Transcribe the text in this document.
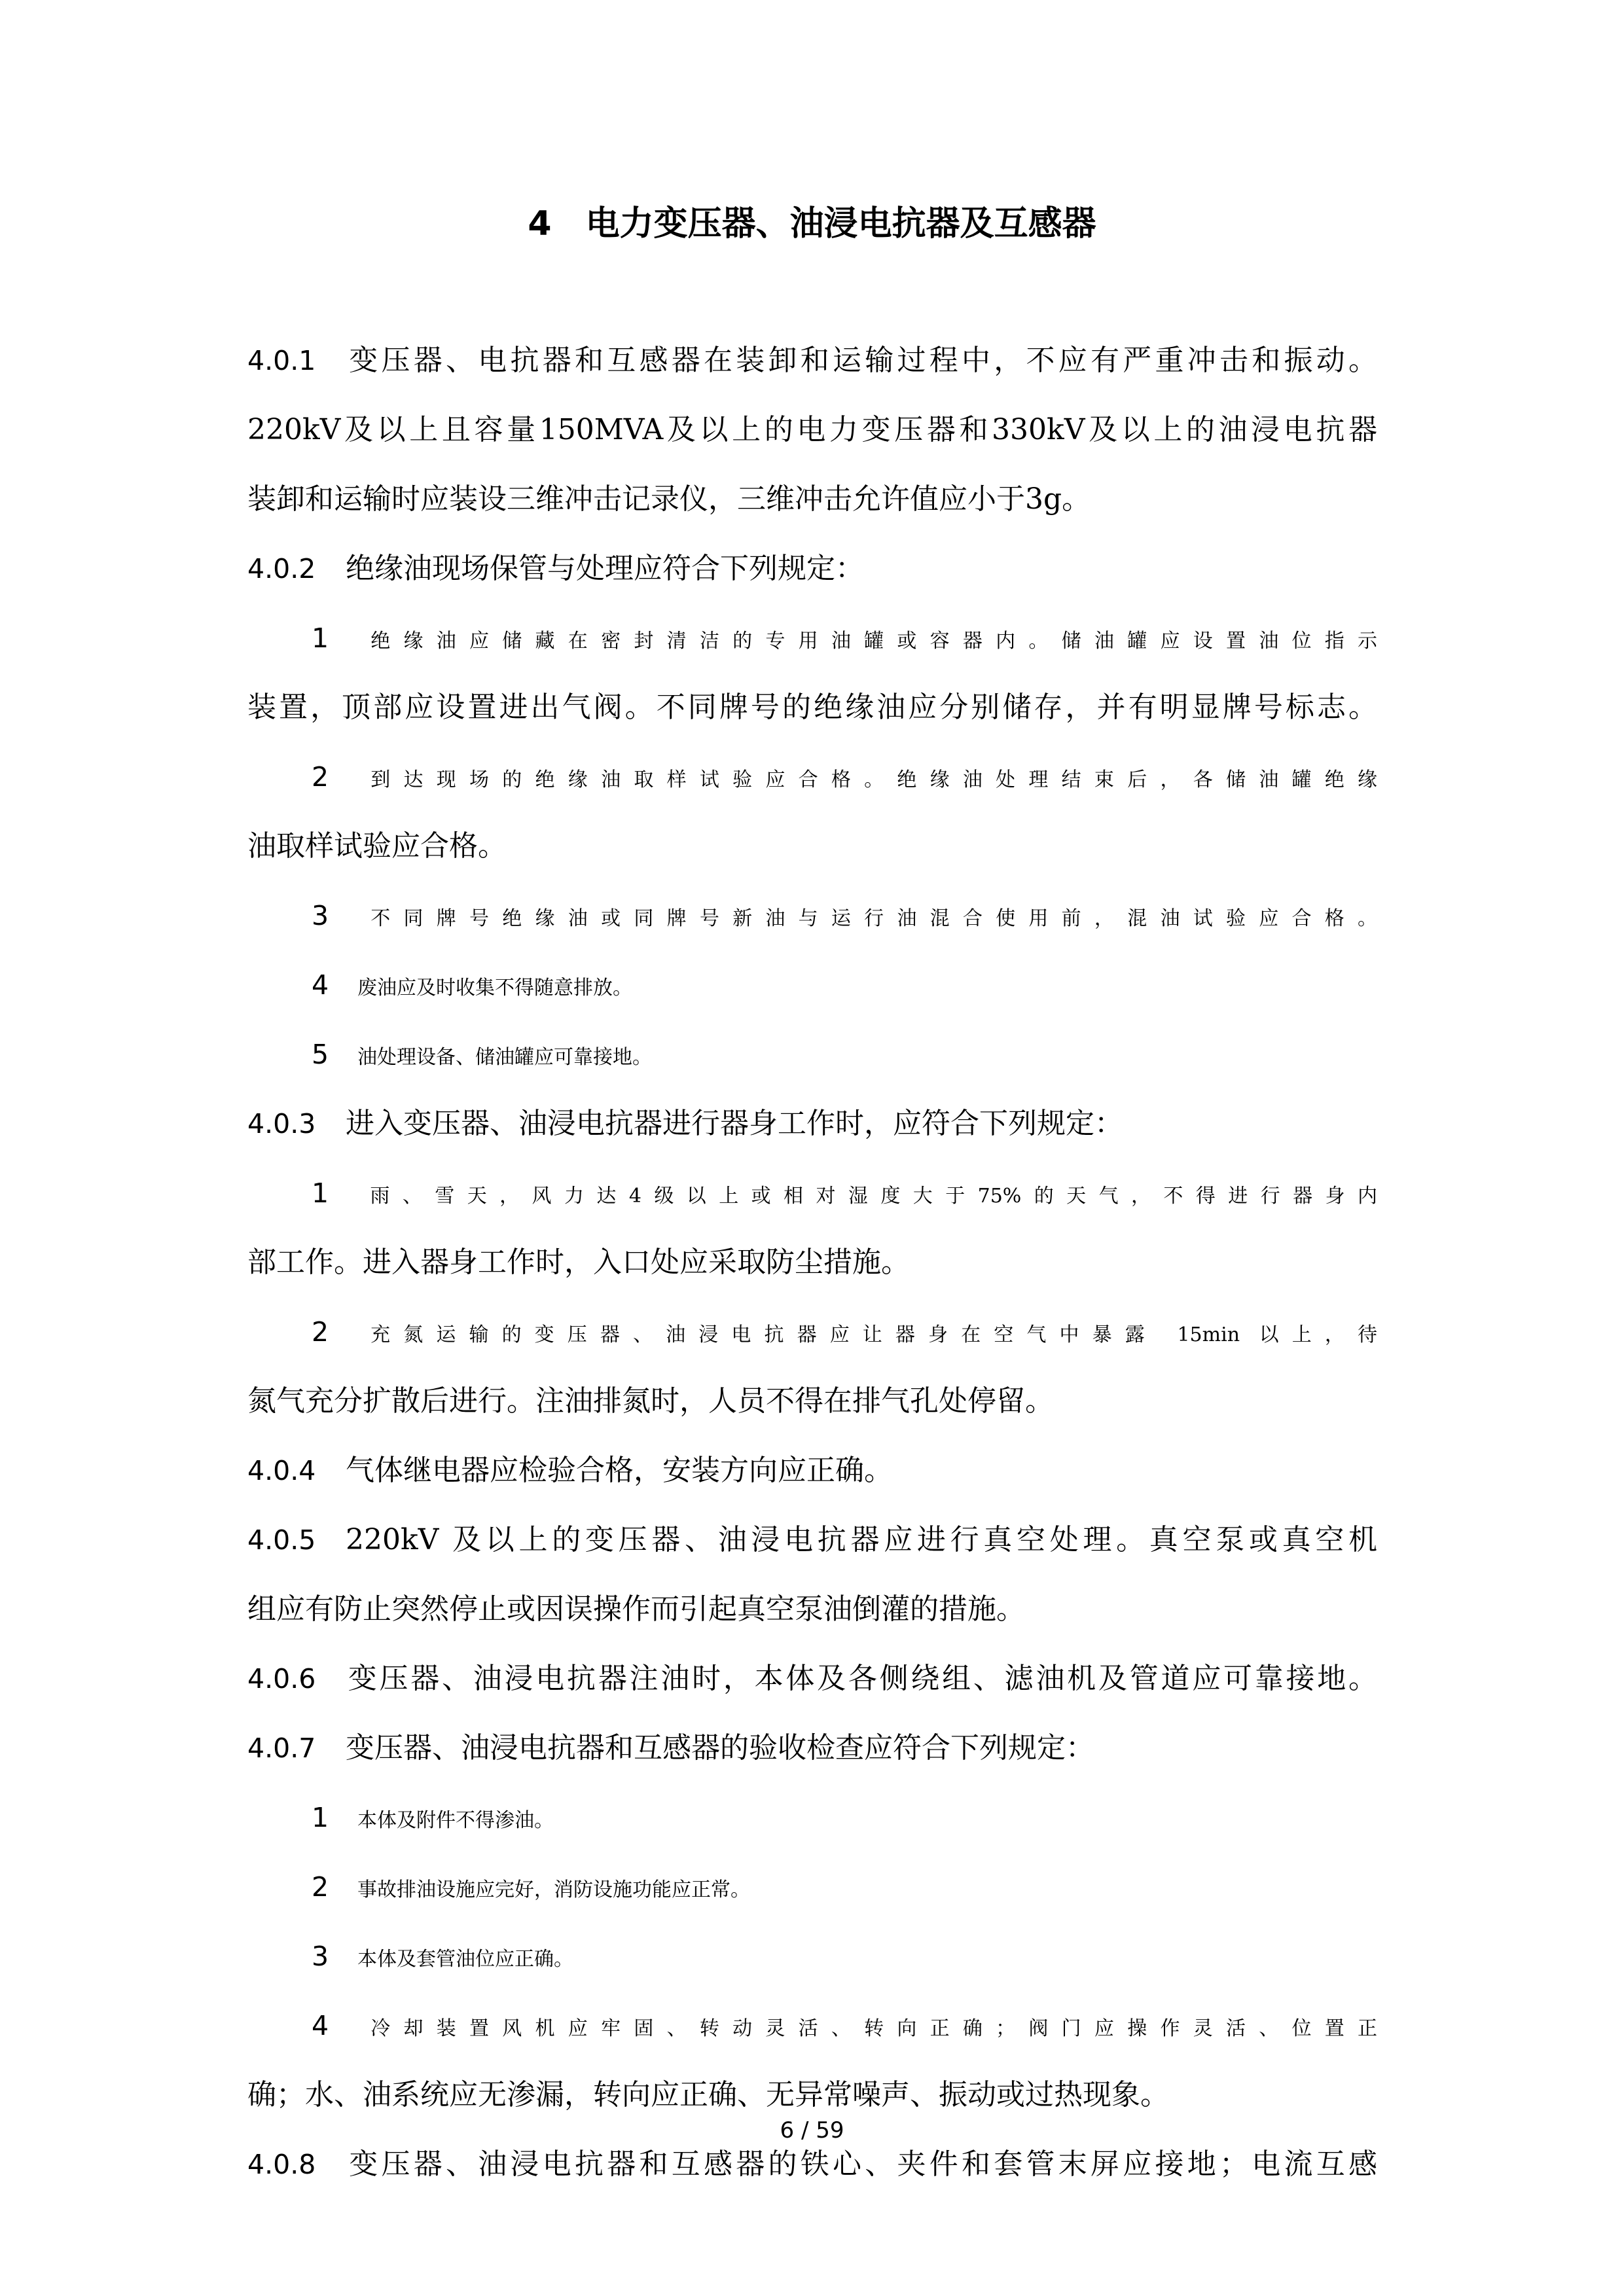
4 电力变压器、油浸电抗器及互感器
4.0.1 变压器、电抗器和互感器在装卸和运输过程中，不应有严重冲击和振动。
220kV及以上且容量150MVA及以上的电力变压器和330kV及以上的油浸电抗器
装卸和运输时应装设三维冲击记录仪，三维冲击允许值应小于3g。
4.0.2 绝缘油现场保管与处理应符合下列规定：
1 绝缘油应储藏在密封清洁的专用油罐或容器内。储油罐应设置油位指示
装置，顶部应设置进出气阀。不同牌号的绝缘油应分别储存，并有明显牌号标志。
2 到达现场的绝缘油取样试验应合格。绝缘油处理结束后，各储油罐绝缘
油取样试验应合格。
3 不同牌号绝缘油或同牌号新油与运行油混合使用前，混油试验应合格。
4 废油应及时收集不得随意排放。
5 油处理设备、储油罐应可靠接地。
4.0.3 进入变压器、油浸电抗器进行器身工作时，应符合下列规定：
1 雨、雪天，风力达4级以上或相对湿度大于75%的天气，不得进行器身内
部工作。进入器身工作时，入口处应采取防尘措施。
2 充氮运输的变压器、油浸电抗器应让器身在空气中暴露 15min 以上，待
氮气充分扩散后进行。注油排氮时，人员不得在排气孔处停留。
4.0.4 气体继电器应检验合格，安装方向应正确。
4.0.5 220kV 及以上的变压器、油浸电抗器应进行真空处理。真空泵或真空机
组应有防止突然停止或因误操作而引起真空泵油倒灌的措施。
4.0.6 变压器、油浸电抗器注油时，本体及各侧绕组、滤油机及管道应可靠接地。
4.0.7 变压器、油浸电抗器和互感器的验收检查应符合下列规定：
1 本体及附件不得渗油。
2 事故排油设施应完好，消防设施功能应正常。
3 本体及套管油位应正确。
4 冷却装置风机应牢固、转动灵活、转向正确；阀门应操作灵活、位置正
确；水、油系统应无渗漏，转向应正确、无异常噪声、振动或过热现象。
4.0.8 变压器、油浸电抗器和互感器的铁心、夹件和套管末屏应接地；电流互感
6 / 59
